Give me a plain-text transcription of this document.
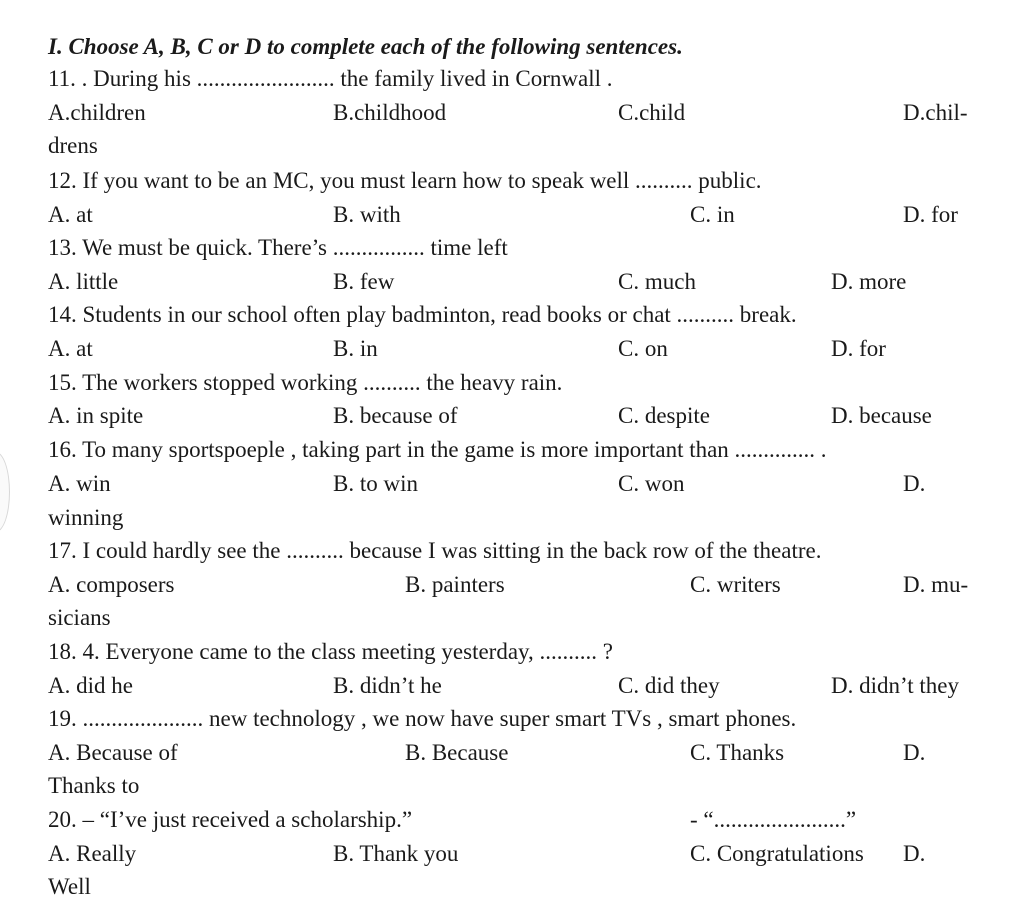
I. Choose A, B, C or D to complete each of the following sentences.
11. . During his ........................ the family lived in Cornwall .
A.children	B.childhood	C.child	D.chil-
drens
12. If you want to be an MC, you must learn how to speak well .......... public.
A. at	B. with	C. in	D. for
13. We must be quick. There’s ................ time left
A. little	B. few	C. much	D. more
14. Students in our school often play badminton, read books or chat .......... break.
A. at	B. in	C. on	D. for
15. The workers stopped working .......... the heavy rain.
A. in spite	B. because of	C. despite	D. because
16. To many sportspoeple , taking part in the game is more important than .............. .
A. win	B. to win	C. won	D.
winning
17. I could hardly see the .......... because I was sitting in the back row of the theatre.
A. composers	B. painters	C. writers	D. mu-
sicians
18. 4. Everyone came to the class meeting yesterday, .......... ?
A. did he	B. didn’t he	C. did they	D. didn’t they
19. ..................... new technology , we now have super smart TVs , smart phones.
A. Because of	B. Because	C. Thanks	D.
Thanks to
20. – “I’ve just received a scholarship.”	- “.......................”
A. Really	B. Thank you	C. Congratulations D.
Well
